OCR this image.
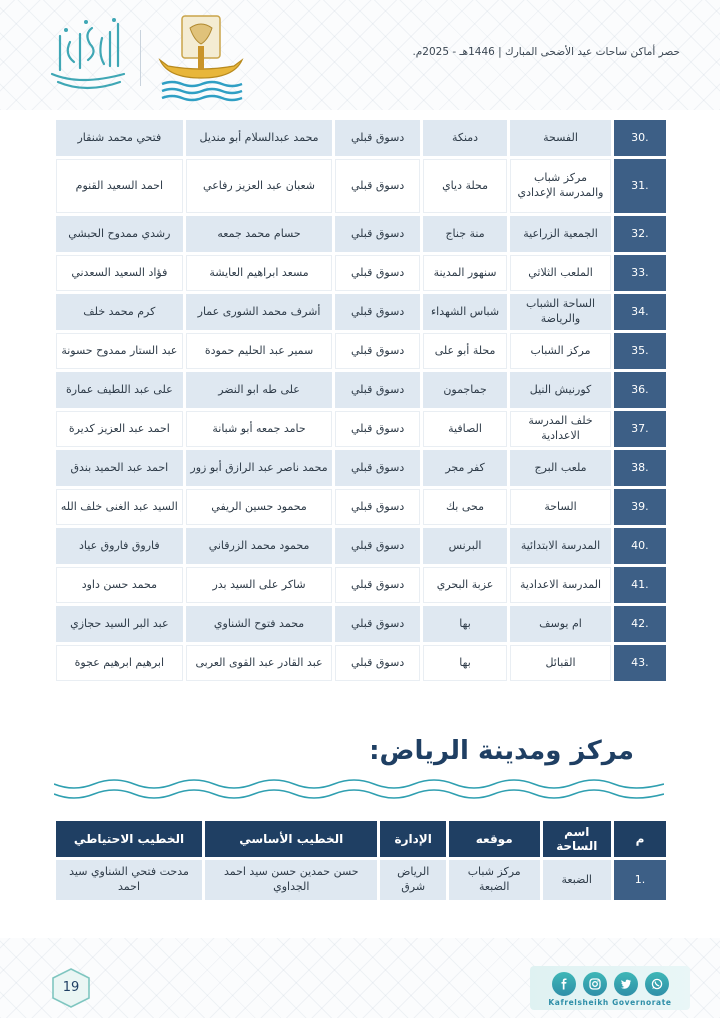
حصر أماكن ساحات عيد الأضحى المبارك | 1446هـ - 2025م.
30.	الفسحة	دمنكة	دسوق قبلي	محمد عبدالسلام أبو منديل	فتحي محمد شنقار
31.	مركز شباب والمدرسة الإعدادي	محلة دياي	دسوق قبلي	شعبان عبد العزيز رفاعي	احمد السعيد القنوم
32.	الجمعية الزراعية	منة جناج	دسوق قبلي	حسام محمد جمعه	رشدي ممدوح الحبشي
33.	الملعب الثلاثي	سنهور المدينة	دسوق قبلي	مسعد ابراهيم العايشة	فؤاد السعيد السعدني
34.	الساحة الشباب والرياضة	شباس الشهداء	دسوق قبلي	أشرف محمد الشورى عمار	كرم محمد خلف
35.	مركز الشباب	محلة أبو على	دسوق قبلي	سمير عبد الحليم حمودة	عبد الستار ممدوح حسونة
36.	كورنيش النيل	جماجمون	دسوق قبلي	على طه ابو النضر	على عبد اللطيف عمارة
37.	خلف المدرسة الاعدادية	الصافية	دسوق قبلي	حامد جمعه أبو شبانة	احمد عبد العزيز كديرة
38.	ملعب البرج	كفر مجر	دسوق قبلي	محمد ناصر عبد الرازق أبو زور	احمد عبد الحميد بندق
39.	الساحة	محى بك	دسوق قبلي	محمود حسين الريفي	السيد عبد الغنى خلف الله
40.	المدرسة الابتدائية	البرنس	دسوق قبلي	محمود محمد الزرقاني	فاروق فاروق عياد
41.	المدرسة الاعدادية	عزبة البحري	دسوق قبلي	شاكر على السيد بدر	محمد حسن داود
42.	ام يوسف	بها	دسوق قبلي	محمد فتوح الشناوي	عبد البر السيد حجازي
43.	القبائل	بها	دسوق قبلي	عبد القادر عبد القوى العربى	ابرهيم ابرهيم عجوة
مركز ومدينة الرياض:
م	اسم الساحة	موقعه	الإدارة	الخطيب الأساسي	الخطيب الاحتياطي
1.	الضبعة	مركز شباب الضبعة	الرياض شرق	حسن حمدين حسن سيد احمد الجداوي	مدحت فتحي الشناوي سيد احمد
19
Kafrelsheikh Governorate
